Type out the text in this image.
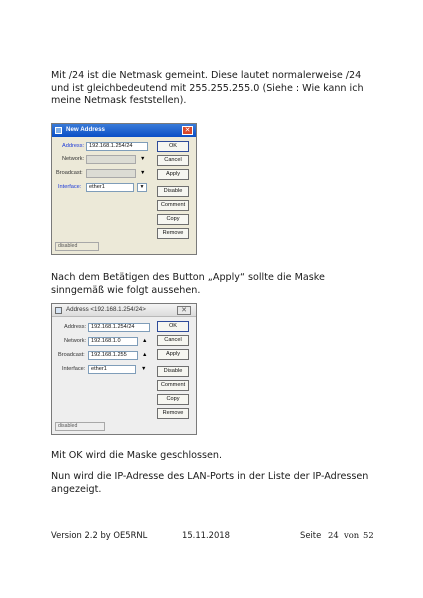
Mit /24 ist die Netmask gemeint. Diese lautet normalerweise /24 und ist gleichbedeutend mit 255.255.255.0 (Siehe : Wie kann ich meine Netmask feststellen).
New Address	✕
Address: 192.168.1.254/24
Network:	▼
Broadcast:	▼
Interface:	ether1	▼
OK
Cancel
Apply
Disable
Comment
Copy
Remove
disabled
Nach dem Betätigen des Button „Apply“ sollte die Maske sinngemäß wie folgt aussehen.
Address <192.168.1.254/24>	✕
Address: 192.168.1.254/24
Network: 192.168.1.0	▲
Broadcast:	192.168.1.255	▲
Interface:	ether1	▼
OK
Cancel
Apply
Disable
Comment
Copy
Remove
disabled
Mit OK wird die Maske geschlossen.
Nun wird die IP-Adresse des LAN-Ports in der Liste der IP-Adressen angezeigt.
Version 2.2 by OE5RNL	15.11.2018	Seite 24 von 52
